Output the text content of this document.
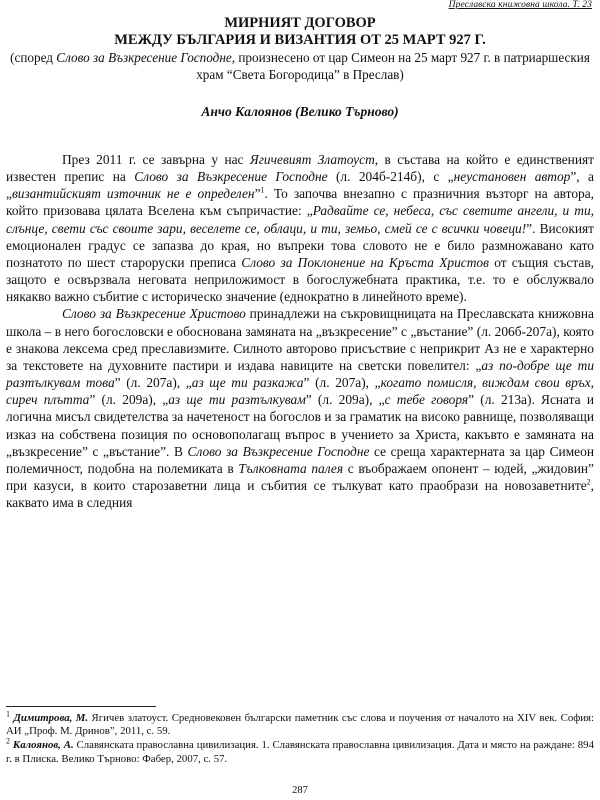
Преславска книжовна школа. Т. 23
МИРНИЯТ ДОГОВОР
МЕЖДУ БЪЛГАРИЯ И ВИЗАНТИЯ ОТ 25 МАРТ 927 Г.
(според Слово за Възкресение Господне, произнесено от цар Симеон на 25 март 927 г. в патриаршеския храм “Света Богородица” в Преслав)
Анчо Калоянов (Велико Търново)

През 2011 г. се завърна у нас Ягичевият Златоуст, в състава на който е единственият известен препис на Слово за Възкресение Господне (л. 204б-214б), с „неустановен автор”, а „византийският източник не е определен”$^1$. То започва внезапно с празничния възторг на автора, който призовава цялата Вселена към съпричастие: „Радвайте се, небеса, със светите ангели, и ти, слънце, свети със своите зари, веселете се, облаци, и ти, земьо, смей се с всички човеци!”. Високият емоционален градус се запазва до края, но въпреки това словото не е било размножавано като познатото по шест староруски преписа Слово за Поклонение на Кръста Христов от същия състав, защото е освързвала неговата неприложимост в богослужебната практика, т.е. то е обслужвало някакво важно събитие с историческо значение (еднократно в линейното време).

Слово за Възкресение Христово принадлежи на съкровищницата на Преславската книжовна школа – в него богословски е обоснована замяната на „възкресение” с „въстание” (л. 206б-207а), която е знакова лексема сред преславизмите. Силното авторово присъствие с неприкрит Аз не е характерно за текстовете на духовните пастири и издава навиците на светски повелител: „аз по-добре ще ти разтълкувам това” (л. 207а), „аз ще ти разкажа” (л. 207а), „когато помисля, виждам свои връх, сиреч плътта” (л. 209а), „аз ще ти разтълкувам” (л. 209а), „с тебе говоря” (л. 213а). Ясната и логична мисъл свидетелства за начетеност на богослов и за граматик на високо равнище, позволяващи изказ на собствена позиция по основополагащ въпрос в учението за Христа, какъвто е замяната на „възкресение” с „въстание”. В Слово за Възкресение Господне се среща характерната за цар Симеон полемичност, подобна на полемиката в Тълковната палея с въображаем опонент – юдей, „жидовин” при казуси, в които старозаветни лица и събития се тълкуват като праобрази на новозаветните$^2$, каквато има в следния

$^1$ Димитрова, М. Ягичев златоуст. Средновековен български паметник със слова и поучения от началото на XIV век. София: АИ „Проф. М. Дринов”, 2011, с. 59.

$^2$ Калоянов, А. Славянската православна цивилизация. 1. Славянската православна цивилизация. Дата и място на раждане: 894 г. в Плиска. Велико Търново: Фабер, 2007, с. 57.

287
